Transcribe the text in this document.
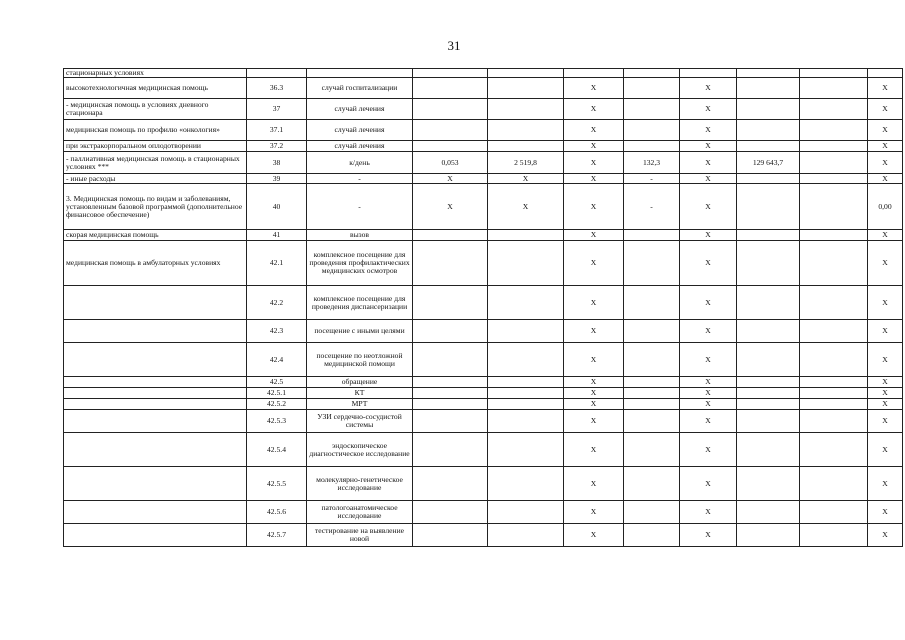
31
стационарных условиях										
высокотехнологичная медицинская помощь	36.3	случай госпитализации			X		X			X
- медицинская помощь в условиях дневного стационара	37	случай лечения			X		X			X
медицинская помощь по профилю «онкология»	37.1	случай лечения			X		X			X
при экстракорпоральном оплодотворении	37.2	случай лечения			X		X			X
- паллиативная медицинская помощь в стационарных условиях ***	38	к/день	0,053	2 519,8	X	132,3	X	129 643,7		X
- иные расходы	39	-	X	X	X	-	X			X
3. Медицинская помощь по видам и заболеваниям, установленным базовой программой (дополнительное финансовое обеспечение)	40	-	X	X	X	-	X			0,00
скорая медицинская помощь	41	вызов			X		X			X
медицинская помощь в амбулаторных условиях	42.1	комплексное посещение для проведения профилактических медицинских осмотров			X		X			X
	42.2	комплексное посещение для проведения диспансеризации			X		X			X
	42.3	посещение с иными целями			X		X			X
	42.4	посещение по неотложной медицинской помощи			X		X			X
	42.5	обращение			X		X			X
	42.5.1	КТ			X		X			X
	42.5.2	МРТ			X		X			X
	42.5.3	УЗИ сердечно-сосудистой системы			X		X			X
	42.5.4	эндоскопическое диагностическое исследование			X		X			X
	42.5.5	молекулярно-генетическое исследование			X		X			X
	42.5.6	патологоанатомическое исследование			X		X			X
	42.5.7	тестирование на выявление новой			X		X			X
